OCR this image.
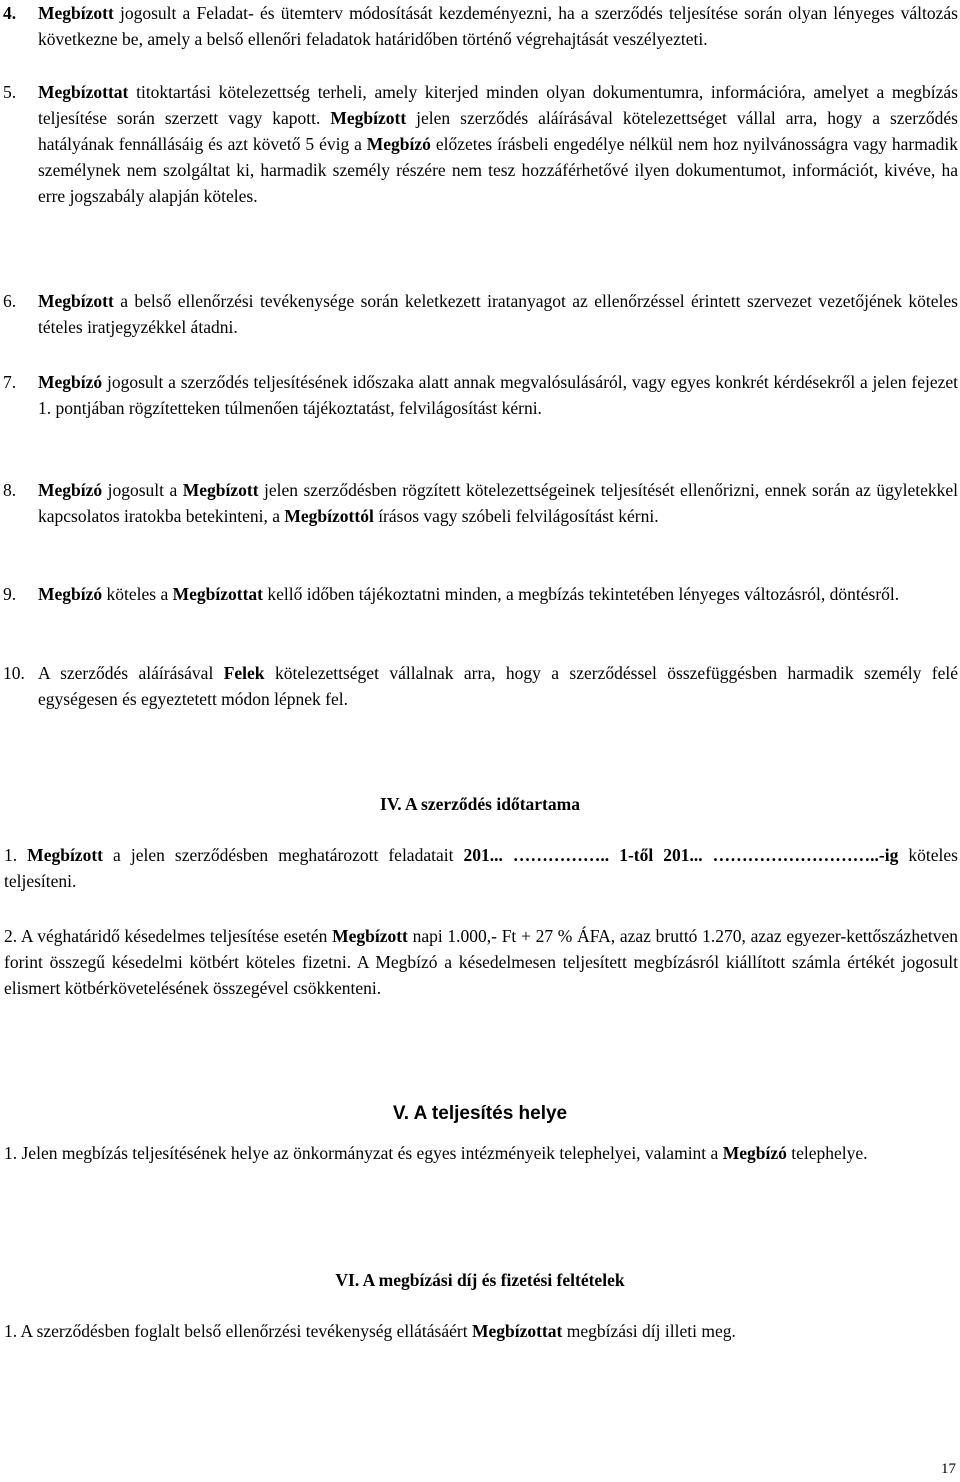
4. Megbízott jogosult a Feladat- és ütemterv módosítását kezdeményezni, ha a szerződés teljesítése során olyan lényeges változás következne be, amely a belső ellenőri feladatok határidőben történő végrehajtását veszélyezteti.

5. Megbízottat titoktartási kötelezettség terheli, amely kiterjed minden olyan dokumentumra, információra, amelyet a megbízás teljesítése során szerzett vagy kapott. Megbízott jelen szerződés aláírásával kötelezettséget vállal arra, hogy a szerződés hatályának fennállásáig és azt követő 5 évig a Megbízó előzetes írásbeli engedélye nélkül nem hoz nyilvánosságra vagy harmadik személynek nem szolgáltat ki, harmadik személy részére nem tesz hozzáférhetővé ilyen dokumentumot, információt, kivéve, ha erre jogszabály alapján köteles.

6. Megbízott a belső ellenőrzési tevékenysége során keletkezett iratanyagot az ellenőrzéssel érintett szervezet vezetőjének köteles tételes iratjegyzékkel átadni.

7. Megbízó jogosult a szerződés teljesítésének időszaka alatt annak megvalósulásáról, vagy egyes konkrét kérdésekről a jelen fejezet 1. pontjában rögzítetteken túlmenően tájékoztatást, felvilágosítást kérni.

8. Megbízó jogosult a Megbízott jelen szerződésben rögzített kötelezettségeinek teljesítését ellenőrizni, ennek során az ügyletekkel kapcsolatos iratokba betekinteni, a Megbízottól írásos vagy szóbeli felvilágosítást kérni.

9. Megbízó köteles a Megbízottat kellő időben tájékoztatni minden, a megbízás tekintetében lényeges változásról, döntésről.

10. A szerződés aláírásával Felek kötelezettséget vállalnak arra, hogy a szerződéssel összefüggésben harmadik személy felé egységesen és egyeztetett módon lépnek fel.

IV. A szerződés időtartama

1. Megbízott a jelen szerződésben meghatározott feladatait 201... …………….. 1-től 201... ………………………..-ig köteles teljesíteni.

2. A véghatáridő késedelmes teljesítése esetén Megbízott napi 1.000,- Ft + 27 % ÁFA, azaz bruttó 1.270, azaz egyezer-kettőszázhetven forint összegű késedelmi kötbért köteles fizetni. A Megbízó a késedelmesen teljesített megbízásról kiállított számla értékét jogosult elismert kötbérkövetelésének összegével csökkenteni.

V. A teljesítés helye

1. Jelen megbízás teljesítésének helye az önkormányzat és egyes intézményeik telephelyei, valamint a Megbízó telephelye.

VI. A megbízási díj és fizetési feltételek

1. A szerződésben foglalt belső ellenőrzési tevékenység ellátásáért Megbízottat megbízási díj illeti meg.

17
